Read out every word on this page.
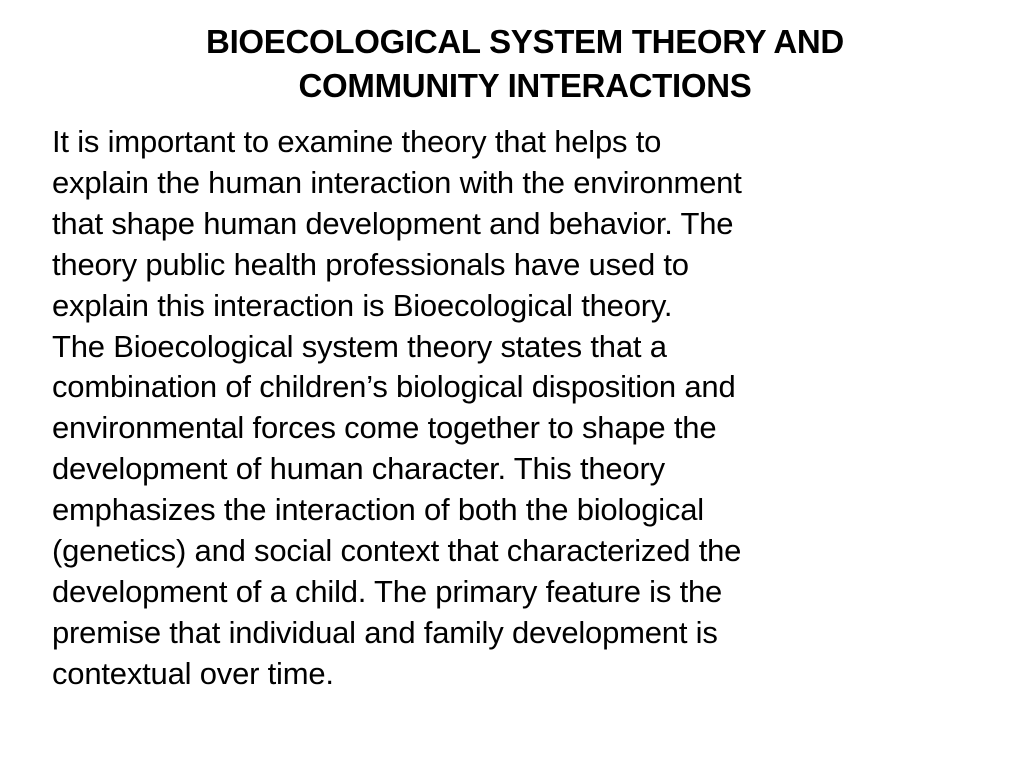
BIOECOLOGICAL SYSTEM THEORY AND
COMMUNITY INTERACTIONS
It is important to examine theory that helps to
explain the human interaction with the environment
that shape human development and behavior. The
theory public health professionals have used to
explain this interaction is Bioecological theory.
The Bioecological system theory states that a
combination of children’s biological disposition and
environmental forces come together to shape the
development of human character. This theory
emphasizes the interaction of both the biological
(genetics) and social context that characterized the
development of a child. The primary feature is the
premise that individual and family development is
contextual over time.
